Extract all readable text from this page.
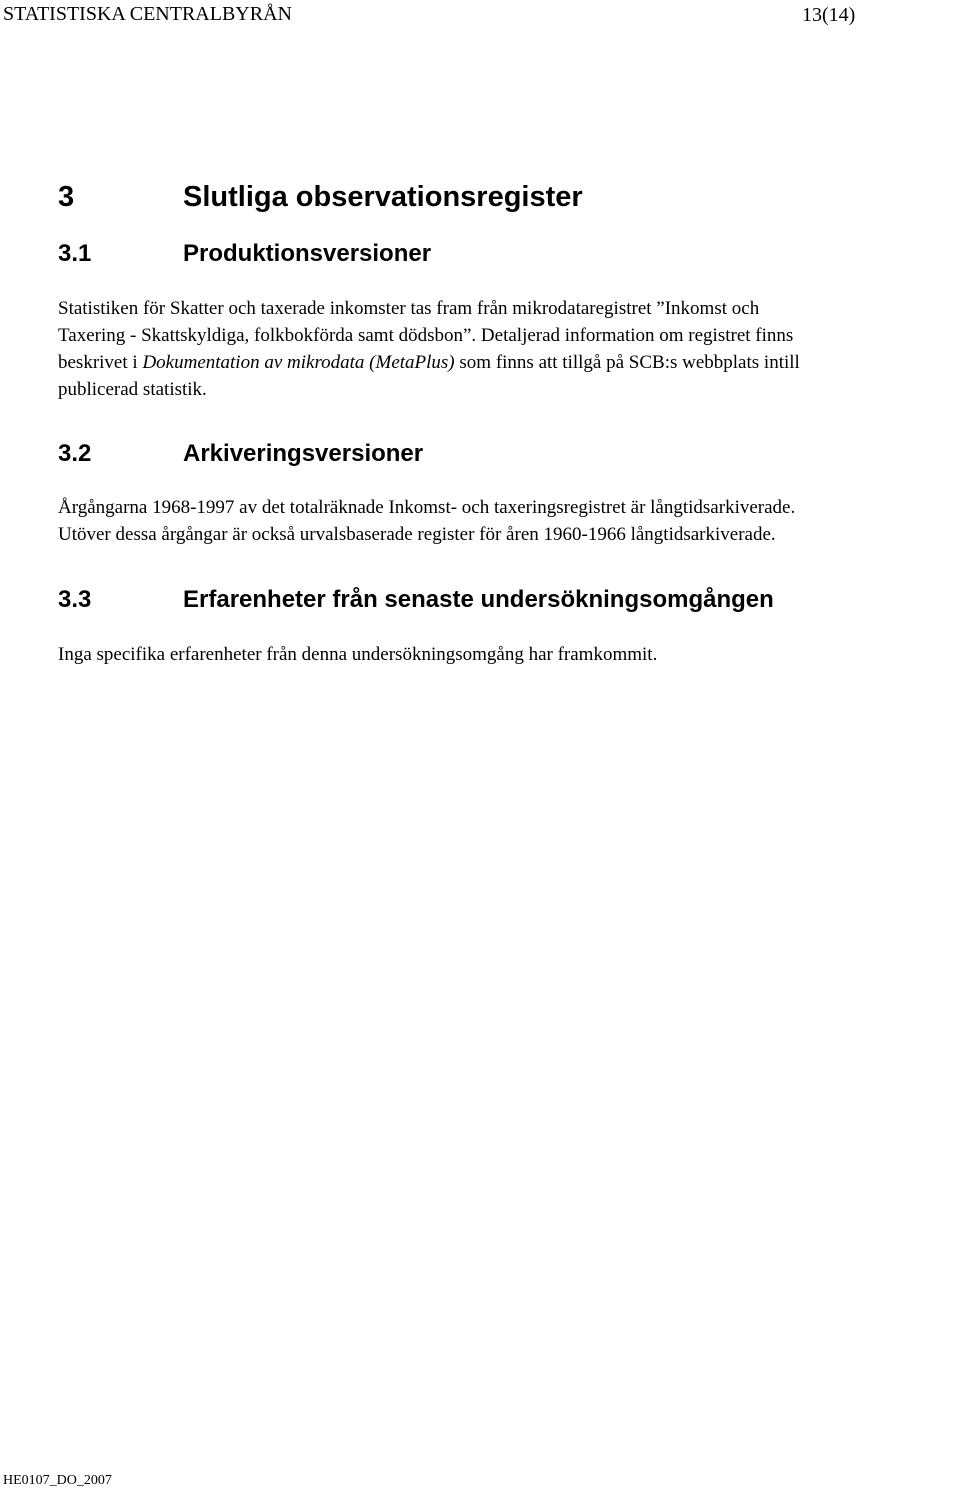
STATISTISKA CENTRALBYRÅN	13(14)
3	Slutliga observationsregister
3.1	Produktionsversioner
Statistiken för Skatter och taxerade inkomster tas fram från mikrodataregistret ”Inkomst och
Taxering - Skattskyldiga, folkbokförda samt dödsbon”. Detaljerad information om registret finns
beskrivet i Dokumentation av mikrodata (MetaPlus) som finns att tillgå på SCB:s webbplats intill
publicerad statistik.
3.2	Arkiveringsversioner
Årgångarna 1968-1997 av det totalräknade Inkomst- och taxeringsregistret är långtidsarkiverade.
Utöver dessa årgångar är också urvalsbaserade register för åren 1960-1966 långtidsarkiverade.
3.3	Erfarenheter från senaste undersökningsomgången
Inga specifika erfarenheter från denna undersökningsomgång har framkommit.
HE0107_DO_2007
